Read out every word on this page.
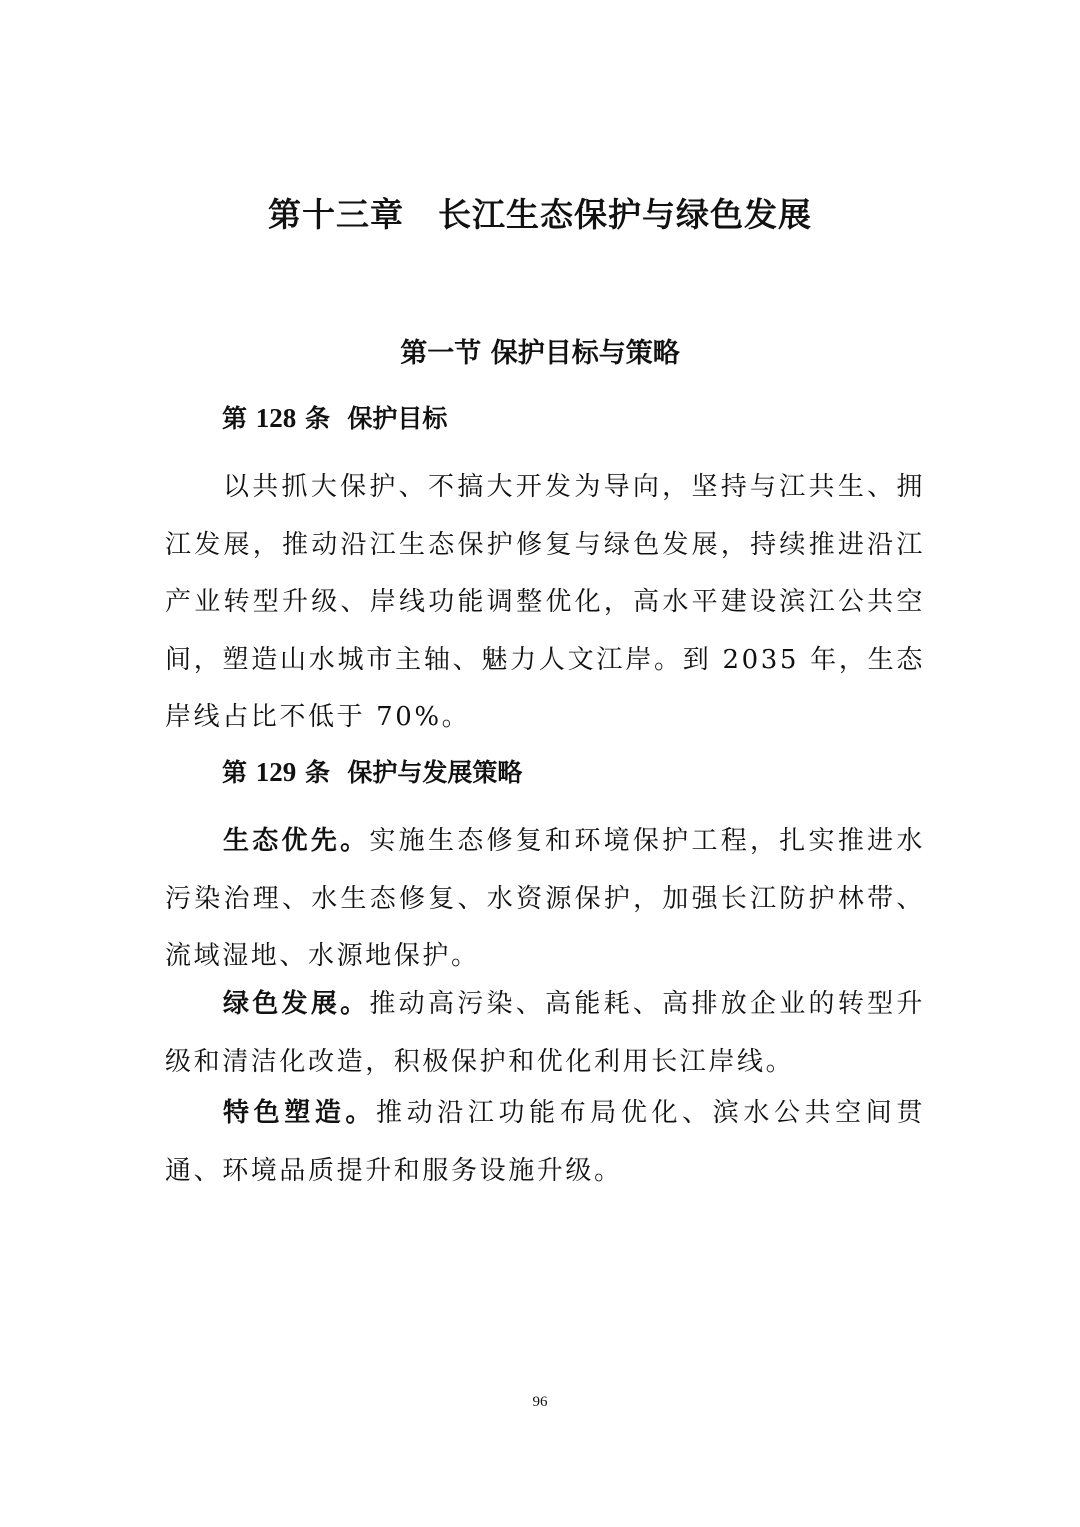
第十三章 长江生态保护与绿色发展
第一节 保护目标与策略
第 128 条 保护目标

以共抓大保护、不搞大开发为导向，坚持与江共生、拥江发展，推动沿江生态保护修复与绿色发展，持续推进沿江产业转型升级、岸线功能调整优化，高水平建设滨江公共空间，塑造山水城市主轴、魅力人文江岸。到 2035 年，生态岸线占比不低于 70%。

第 129 条 保护与发展策略

生态优先。实施生态修复和环境保护工程，扎实推进水污染治理、水生态修复、水资源保护，加强长江防护林带、流域湿地、水源地保护。

绿色发展。推动高污染、高能耗、高排放企业的转型升级和清洁化改造，积极保护和优化利用长江岸线。

特色塑造。推动沿江功能布局优化、滨水公共空间贯通、环境品质提升和服务设施升级。

96
